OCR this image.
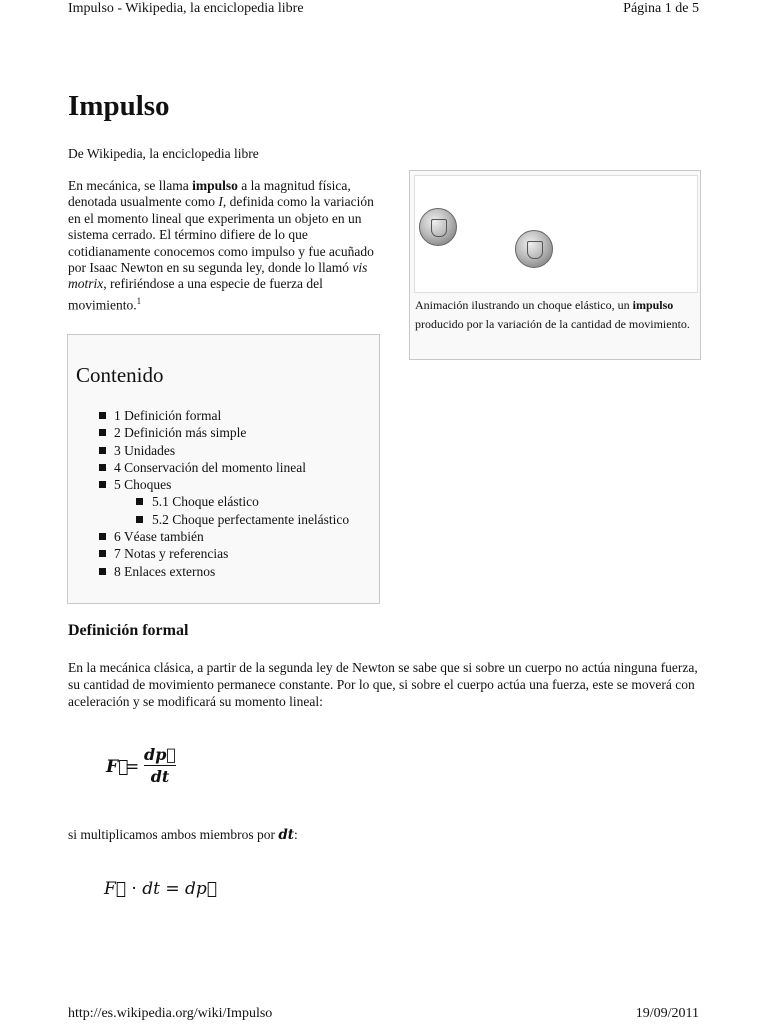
Impulso - Wikipedia, la enciclopedia libre	Página 1 de 5
Impulso
De Wikipedia, la enciclopedia libre

En mecánica, se llama impulso a la magnitud física, denotada usualmente como I, definida como la variación en el momento lineal que experimenta un objeto en un sistema cerrado. El término difiere de lo que cotidianamente conocemos como impulso y fue acuñado por Isaac Newton en su segunda ley, donde lo llamó vis motrix, refiriéndose a una especie de fuerza del movimiento.$^1$	Animación ilustrando un choque elástico, un impulso producido por la variación de la cantidad de movimiento.
Contenido
1 Definición formal
2 Definición más simple
3 Unidades
4 Conservación del momento lineal
5 Choques
5.1 Choque elástico
5.2 Choque perfectamente inelástico
6 Véase también
7 Notas y referencias
8 Enlaces externos
Definición formal

En la mecánica clásica, a partir de la segunda ley de Newton se sabe que si sobre un cuerpo no actúa ninguna fuerza, su cantidad de movimiento permanece constante. Por lo que, si sobre el cuerpo actúa una fuerza, este se moverá con aceleración y se modificará su momento lineal:

F⃗
= $\frac{dp⃗}{dt}$
si multiplicamos ambos miembros por dt:
F⃗ · dt = dp⃗
http://es.wikipedia.org/wiki/Impulso	19/09/2011
